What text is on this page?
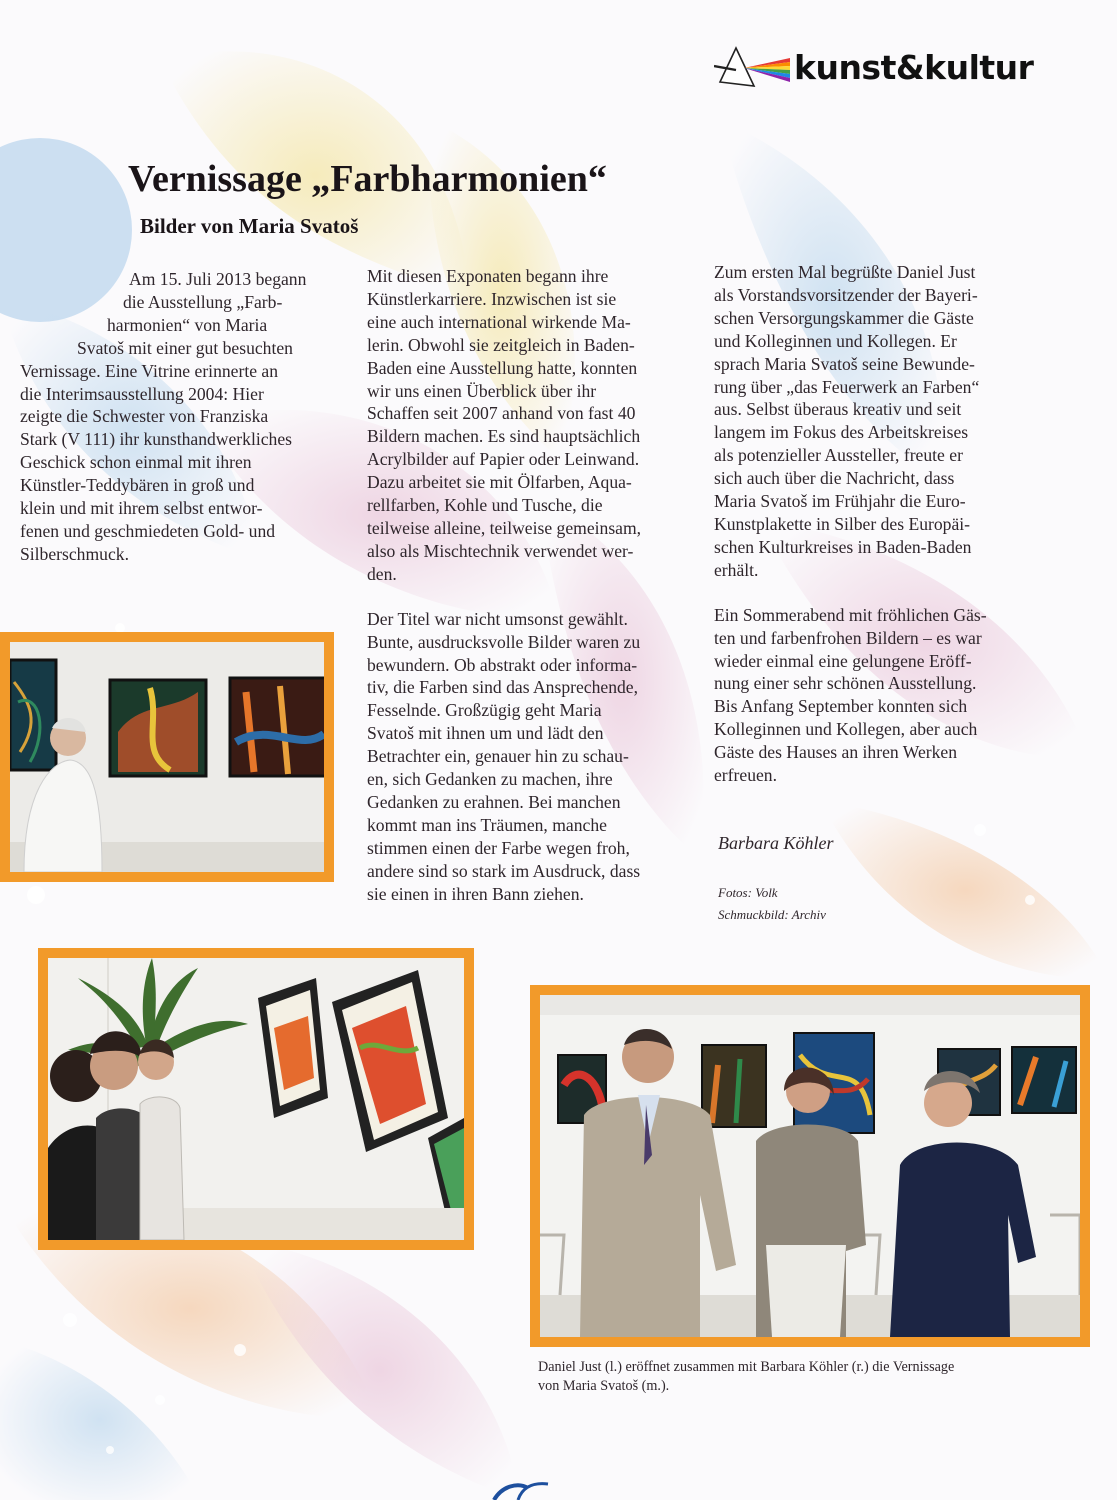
kunst&kultur
Vernissage „Farbharmonien“
Bilder von Maria Svatoš

Am 15. Juli 2013 begann
die Ausstellung „Farb-
harmonien“ von Maria
Svatoš mit einer gut besuchten
Vernissage. Eine Vitrine erinnerte an
die Interimsausstellung 2004: Hier
zeigte die Schwester von Franziska
Stark (V 111) ihr kunsthandwerkliches
Geschick schon einmal mit ihren
Künstler-Teddybären in groß und
klein und mit ihrem selbst entwor-
fenen und geschmiedeten Gold- und
Silberschmuck.

Mit diesen Exponaten begann ihre
Künstlerkarriere. Inzwischen ist sie
eine auch international wirkende Ma-
lerin. Obwohl sie zeitgleich in Baden-
Baden eine Ausstellung hatte, konnten
wir uns einen Überblick über ihr
Schaffen seit 2007 anhand von fast 40
Bildern machen. Es sind hauptsächlich
Acrylbilder auf Papier oder Leinwand.
Dazu arbeitet sie mit Ölfarben, Aqua-
rellfarben, Kohle und Tusche, die
teilweise alleine, teilweise gemeinsam,
also als Mischtechnik verwendet wer-
den.

Der Titel war nicht umsonst gewählt.
Bunte, ausdrucksvolle Bilder waren zu
bewundern. Ob abstrakt oder informa-
tiv, die Farben sind das Ansprechende,
Fesselnde. Großzügig geht Maria
Svatoš mit ihnen um und lädt den
Betrachter ein, genauer hin zu schau-
en, sich Gedanken zu machen, ihre
Gedanken zu erahnen. Bei manchen
kommt man ins Träumen, manche
stimmen einen der Farbe wegen froh,
andere sind so stark im Ausdruck, dass
sie einen in ihren Bann ziehen.

Zum ersten Mal begrüßte Daniel Just
als Vorstandsvorsitzender der Bayeri-
schen Versorgungskammer die Gäste
und Kolleginnen und Kollegen. Er
sprach Maria Svatoš seine Bewunde-
rung über „das Feuerwerk an Farben“
aus. Selbst überaus kreativ und seit
langem im Fokus des Arbeitskreises
als potenzieller Aussteller, freute er
sich auch über die Nachricht, dass
Maria Svatoš im Frühjahr die Euro-
Kunstplakette in Silber des Europäi-
schen Kulturkreises in Baden-Baden
erhält.

Ein Sommerabend mit fröhlichen Gäs-
ten und farbenfrohen Bildern – es war
wieder einmal eine gelungene Eröff-
nung einer sehr schönen Ausstellung.
Bis Anfang September konnten sich
Kolleginnen und Kollegen, aber auch
Gäste des Hauses an ihren Werken
erfreuen.

Barbara Köhler
Fotos: Volk
Schmuckbild: Archiv
Daniel Just (l.) eröffnet zusammen mit Barbara Köhler (r.) die Vernissage
von Maria Svatoš (m.).
